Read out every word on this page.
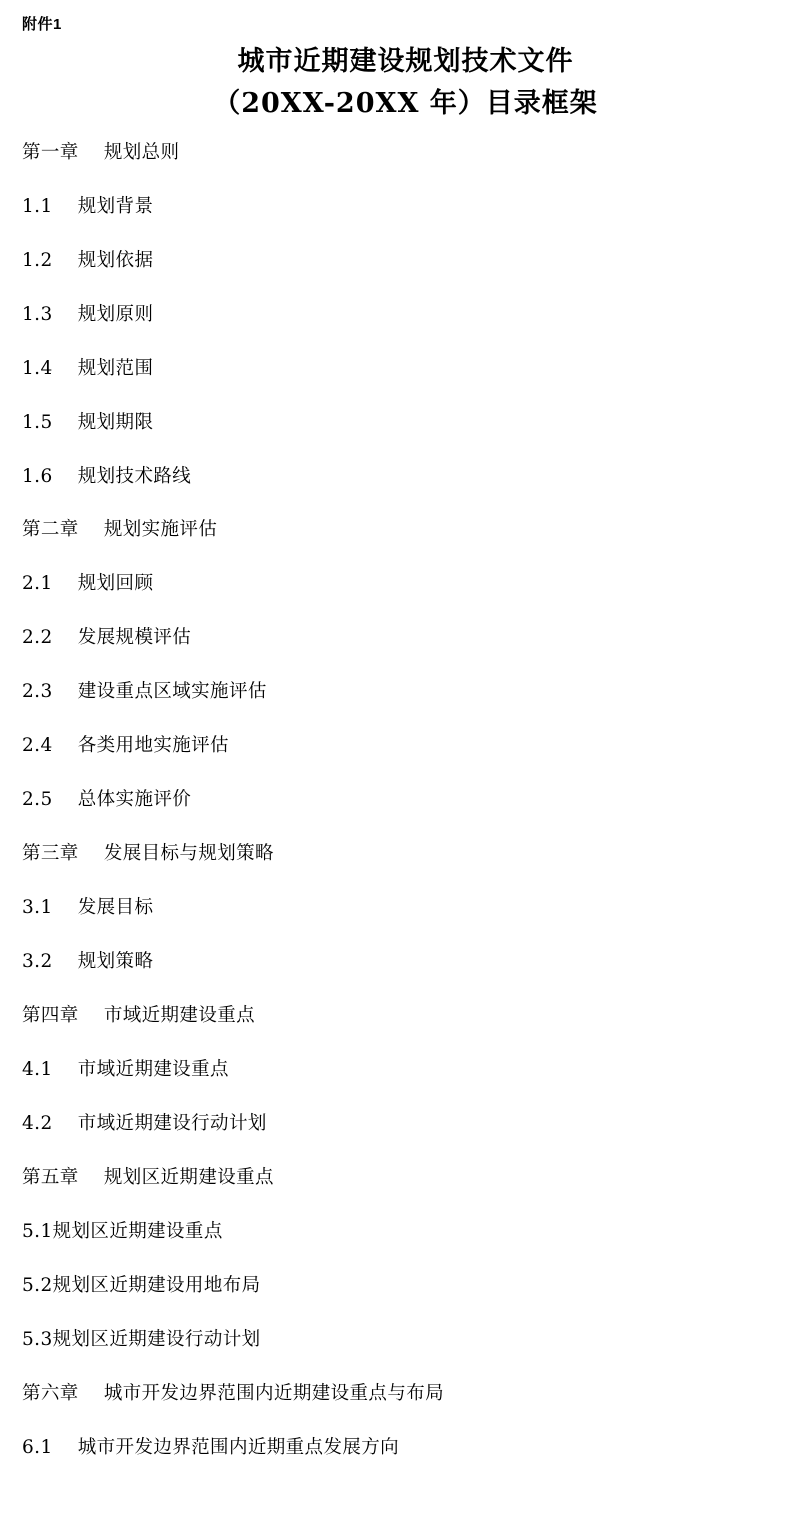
附件1
城市近期建设规划技术文件
（20XX-20XX 年）目录框架
第一章    规划总则
1.1    规划背景
1.2    规划依据
1.3    规划原则
1.4    规划范围
1.5    规划期限
1.6    规划技术路线
第二章    规划实施评估
2.1    规划回顾
2.2    发展规模评估
2.3    建设重点区域实施评估
2.4    各类用地实施评估
2.5    总体实施评价
第三章    发展目标与规划策略
3.1    发展目标
3.2    规划策略
第四章    市域近期建设重点
4.1    市域近期建设重点
4.2    市域近期建设行动计划
第五章    规划区近期建设重点
5.1规划区近期建设重点
5.2规划区近期建设用地布局
5.3规划区近期建设行动计划
第六章    城市开发边界范围内近期建设重点与布局
6.1    城市开发边界范围内近期重点发展方向
